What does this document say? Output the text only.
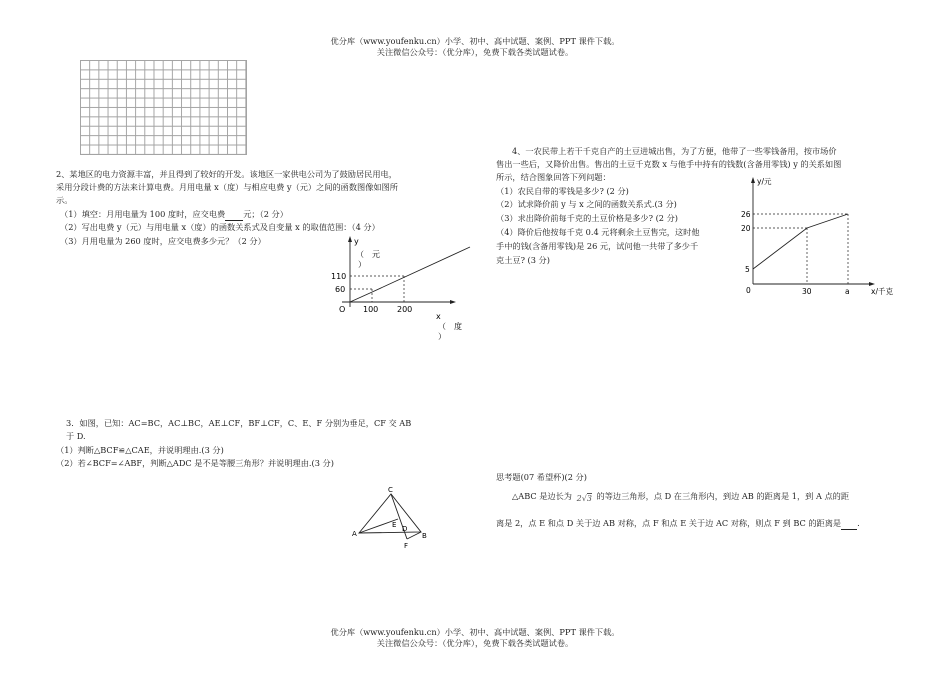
优分库（www.youfenku.cn）小学、初中、高中试题、案例、PPT 课件下载。
关注微信公众号：（优分库），免费下载各类试题试卷。
2、某地区的电力资源丰富，并且得到了较好的开发。该地区一家供电公司为了鼓励居民用电，
采用分段计费的方法来计算电费。月用电量 x（度）与相应电费 y（元）之间的函数图像如图所
示。
（1）填空：月用电量为 100 度时，应交电费 元；（2 分）
（2）写出电费 y（元）与用电量 x（度）的函数关系式及自变量 x 的取值范围：（4 分）
（3）月用电量为 260 度时，应交电费多少元？（2 分）	y
（　元
）
110
60
O 100 200
x
（　度
）
3．如图，已知：AC=BC，AC⊥BC，AE⊥CF，BF⊥CF，C、E、F 分别为垂足，CF 交 AB
于 D.
（1）判断△BCF≌△CAE，并说明理由.(3 分)
（2）若∠BCF=∠ABF，判断△ADC 是不是等腰三角形？并说明理由.(3 分)
C
A
E D
B
F
4、一农民带上若干千克自产的土豆进城出售，为了方便，他带了一些零钱备用，按市场价
售出一些后，又降价出售。售出的土豆千克数 x 与他手中持有的钱数(含备用零钱) y 的关系如图
所示，结合图象回答下列问题：
（1）农民自带的零钱是多少? (2 分)
（2）试求降价前 y 与 x 之间的函数关系式.(3 分)
（3）求出降价前每千克的土豆价格是多少? (2 分)
（4）降价后他按每千克 0.4 元将剩余土豆售完，这时他
手中的钱(含备用零钱)是 26 元，试问他一共带了多少千
克土豆? (3 分)
y/元
26
20
5
0	30	a	x/千克
思考题(07 希望杯)(2 分)
△ABC 是边长为 2√3 的等边三角形，点 D 在三角形内，到边 AB 的距离是 1，到 A 点的距
离是 2，点 E 和点 D 关于边 AB 对称，点 F 和点 E 关于边 AC 对称，则点 F 到 BC 的距离是 .
优分库（www.youfenku.cn）小学、初中、高中试题、案例、PPT 课件下载。
关注微信公众号：（优分库），免费下载各类试题试卷。
